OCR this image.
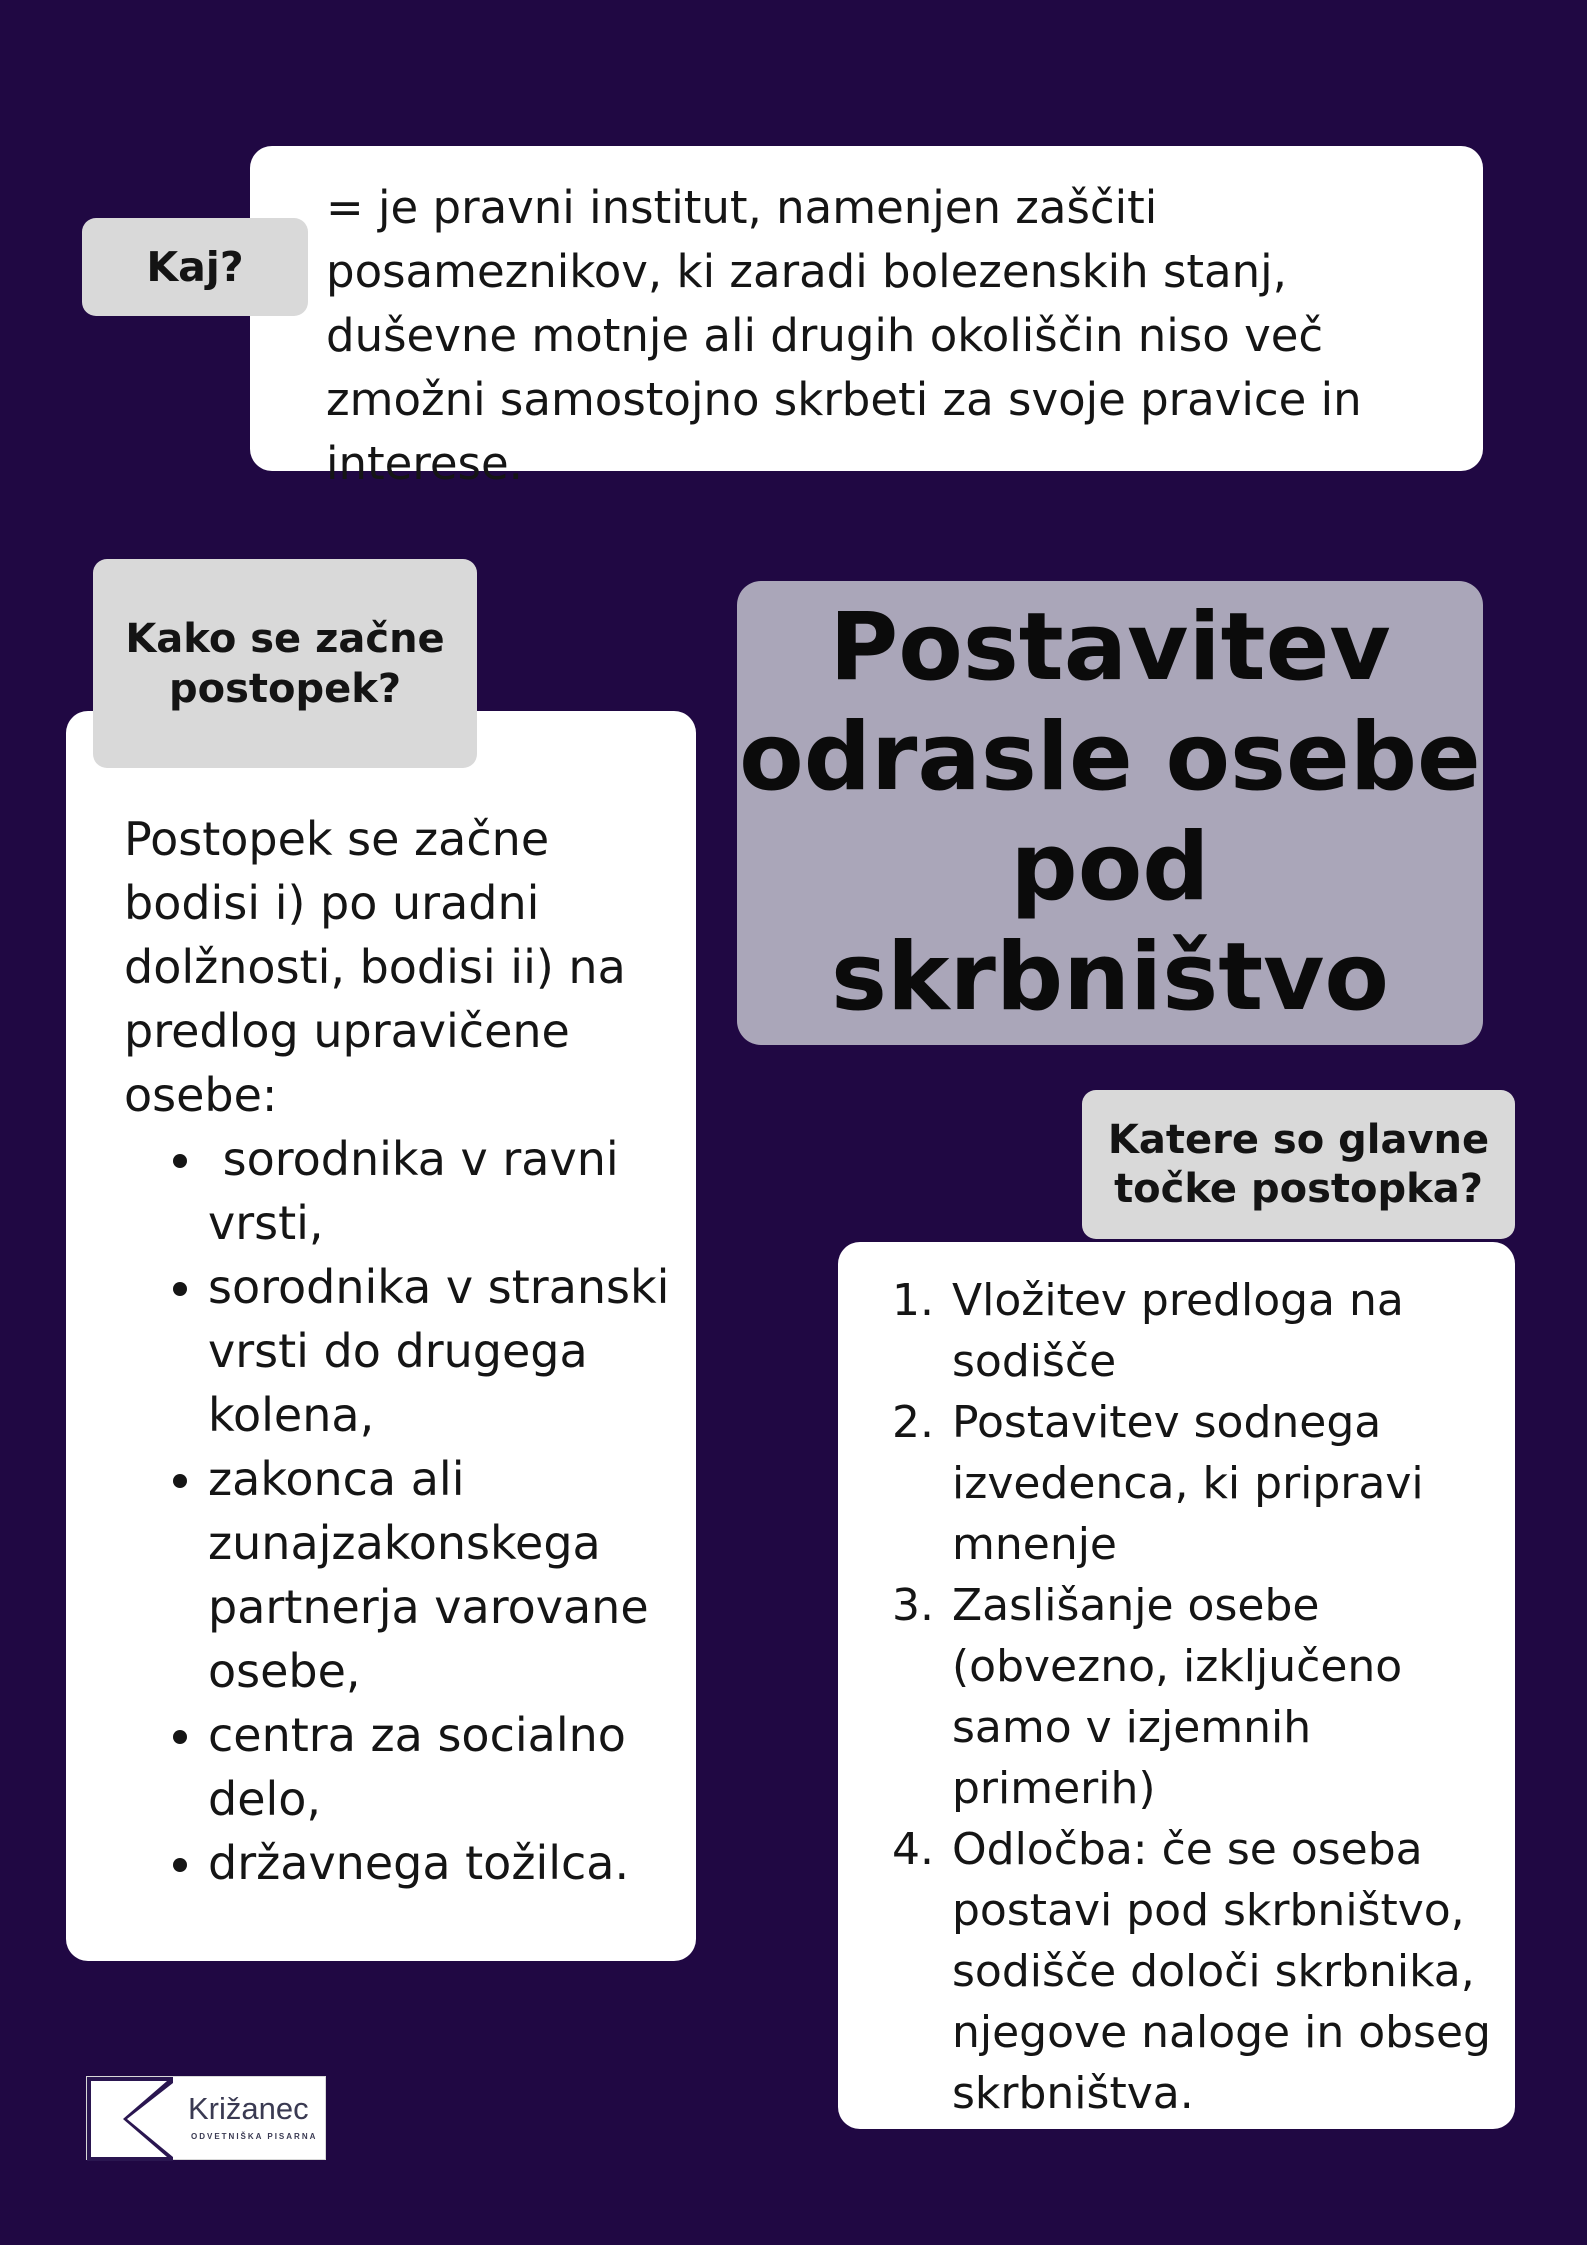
= je pravni institut, namenjen zaščiti posameznikov, ki zaradi bolezenskih stanj, duševne motnje ali drugih okoliščin niso več zmožni samostojno skrbeti za svoje pravice in interese.

Kaj?

Postopek se začne bodisi i) po uradni dolžnosti, bodisi ii) na predlog upravičene osebe:

•  sorodnika v ravni vrsti,
• sorodnika v stranski vrsti do drugega kolena,
• zakonca ali zunajzakonskega partnerja varovane osebe,
• centra za socialno delo,
• državnega tožilca.
Kako se začne postopek?	Postavitev
odrasle osebe
pod skrbništvo
1. Vložitev predloga na sodišče
2. Postavitev sodnega izvedenca, ki pripravi mnenje
3. Zaslišanje osebe (obvezno, izključeno samo v izjemnih primerih)
4. Odločba: če se oseba postavi pod skrbništvo, sodišče določi skrbnika, njegove naloge in obseg skrbništva.
Katere so glavne točke postopka?
Križanec
ODVETNIŠKA PISARNA
